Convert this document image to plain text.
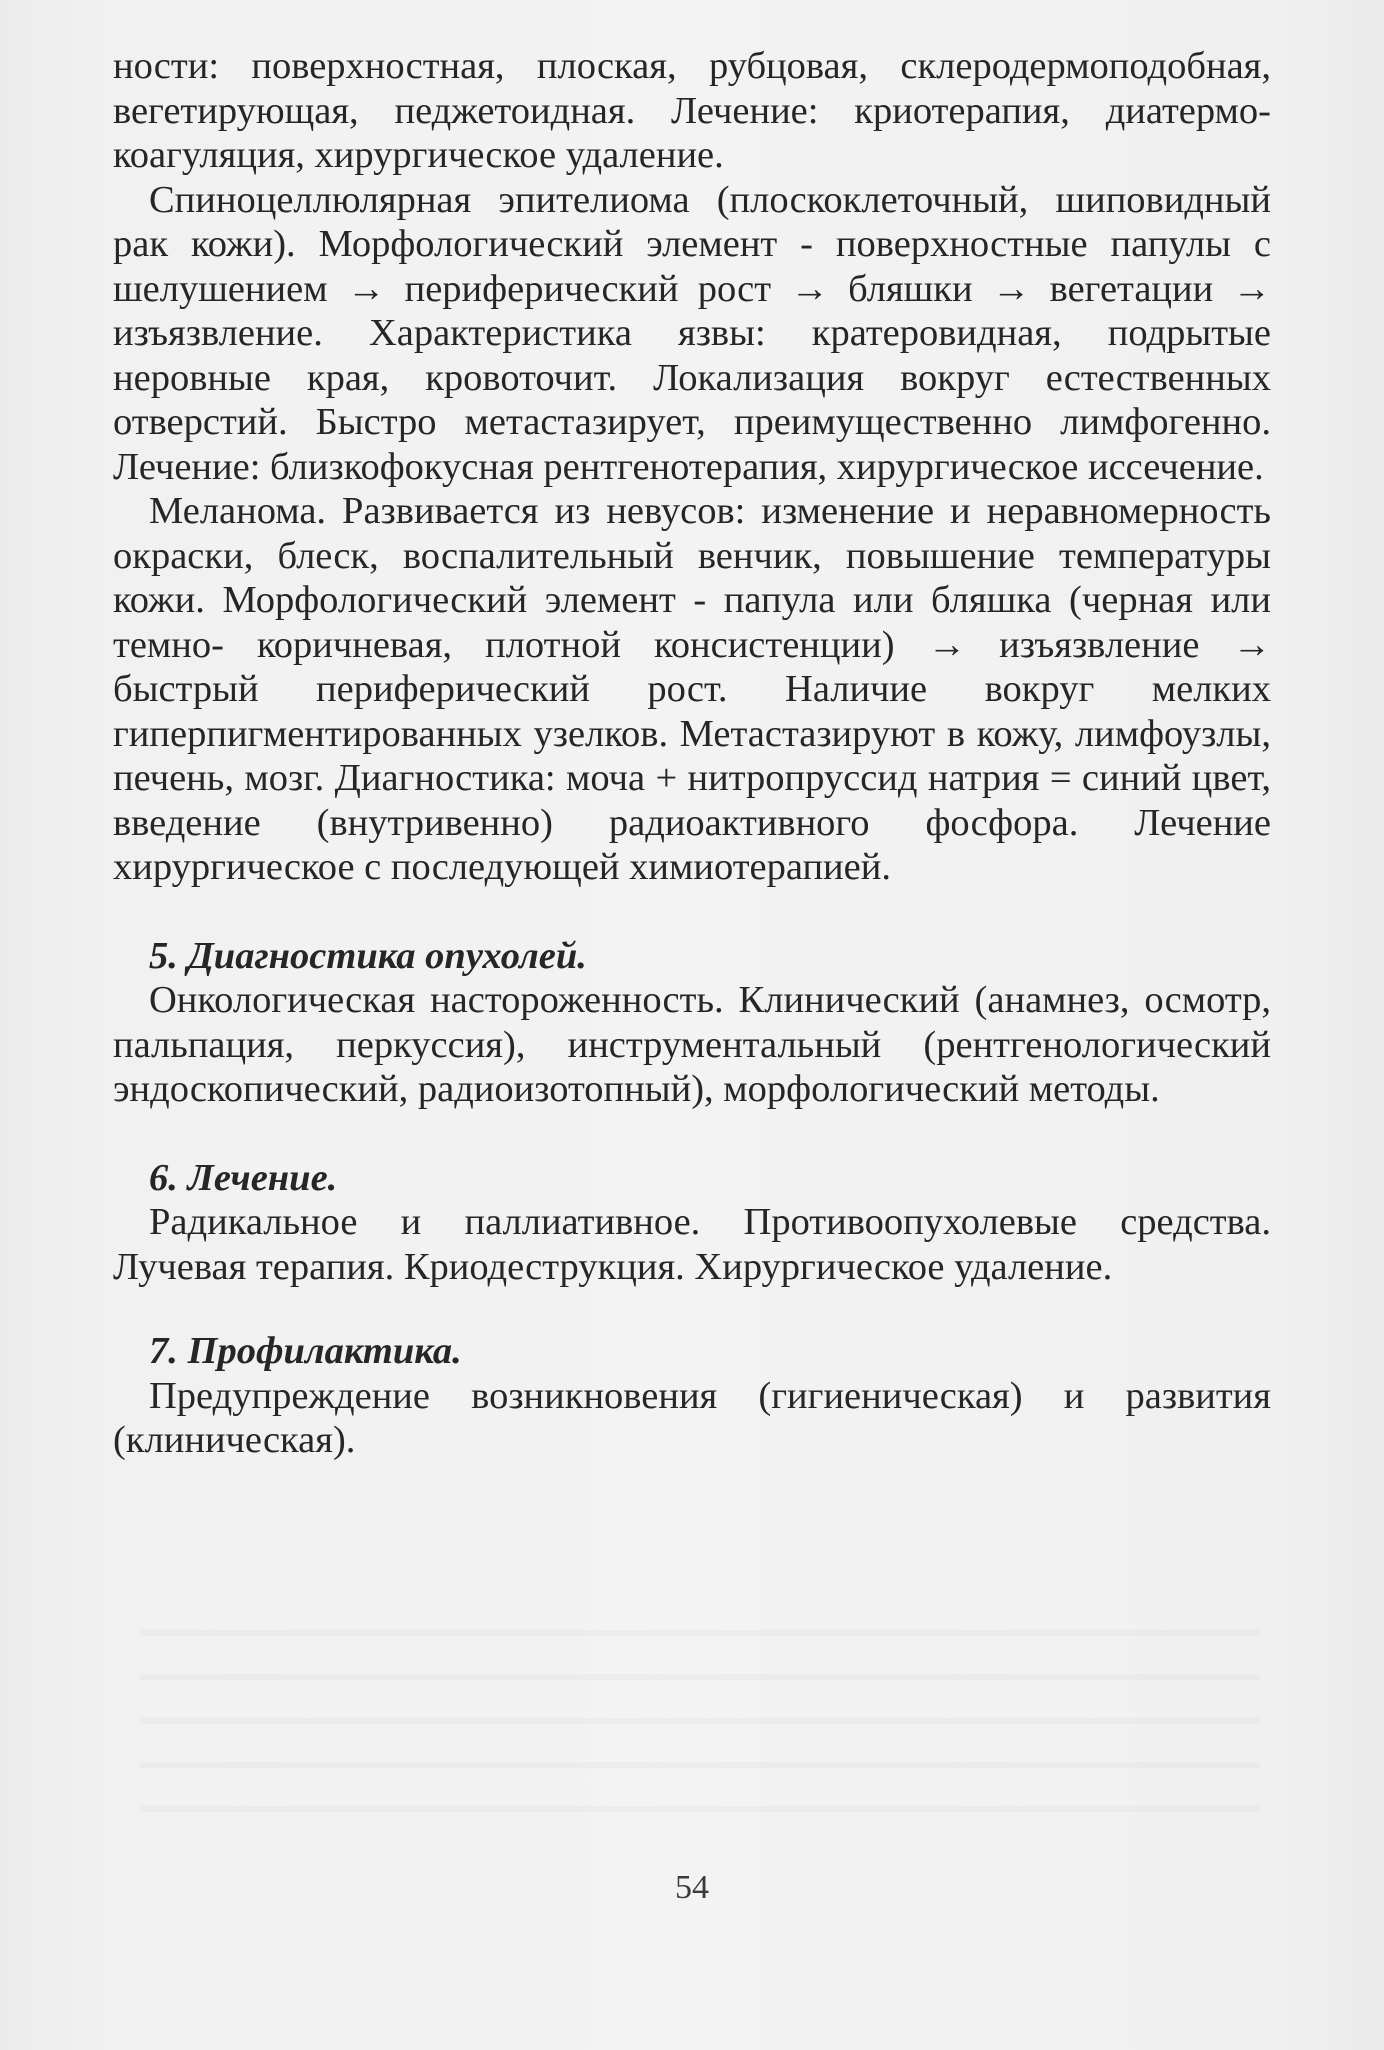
ности: поверхностная, плоская, рубцовая, склеродермоподобная, вегетирующая, педжетоидная. Лечение: криотерапия, диатермокоагуляция, хирургическое удаление.

Спиноцеллюлярная эпителиома (плоскоклеточный, шиповидный рак кожи). Морфологический элемент - поверхностные папулы с шелушением → периферический рост → бляшки → вегетации → изъязвление. Характеристика язвы: кратеровидная, подрытые неровные края, кровоточит. Локализация вокруг естественных отверстий. Быстро метастазирует, преимущественно лимфогенно. Лечение: близкофокусная рентгенотерапия, хирургическое иссечение.

Меланома. Развивается из невусов: изменение и неравномерность окраски, блеск, воспалительный венчик, повышение температуры кожи. Морфологический элемент - папула или бляшка (черная или темно- коричневая, плотной консистенции) → изъязвление → быстрый периферический рост. Наличие вокруг мелких гиперпигментированных узелков. Метастазируют в кожу, лимфоузлы, печень, мозг. Диагностика: моча + нитропруссид натрия = синий цвет, введение (внутривенно) радиоактивного фосфора. Лечение хирургическое с последующей химиотерапией.

5. Диагностика опухолей.

Онкологическая настороженность. Клинический (анамнез, осмотр, пальпация, перкуссия), инструментальный (рентгенологический эндоскопический, радиоизотопный), морфологический методы.

6. Лечение.

Радикальное и паллиативное. Противоопухолевые средства. Лучевая терапия. Криодеструкция. Хирургическое удаление.

7. Профилактика.

Предупреждение возникновения (гигиеническая) и развития (клиническая).

54
